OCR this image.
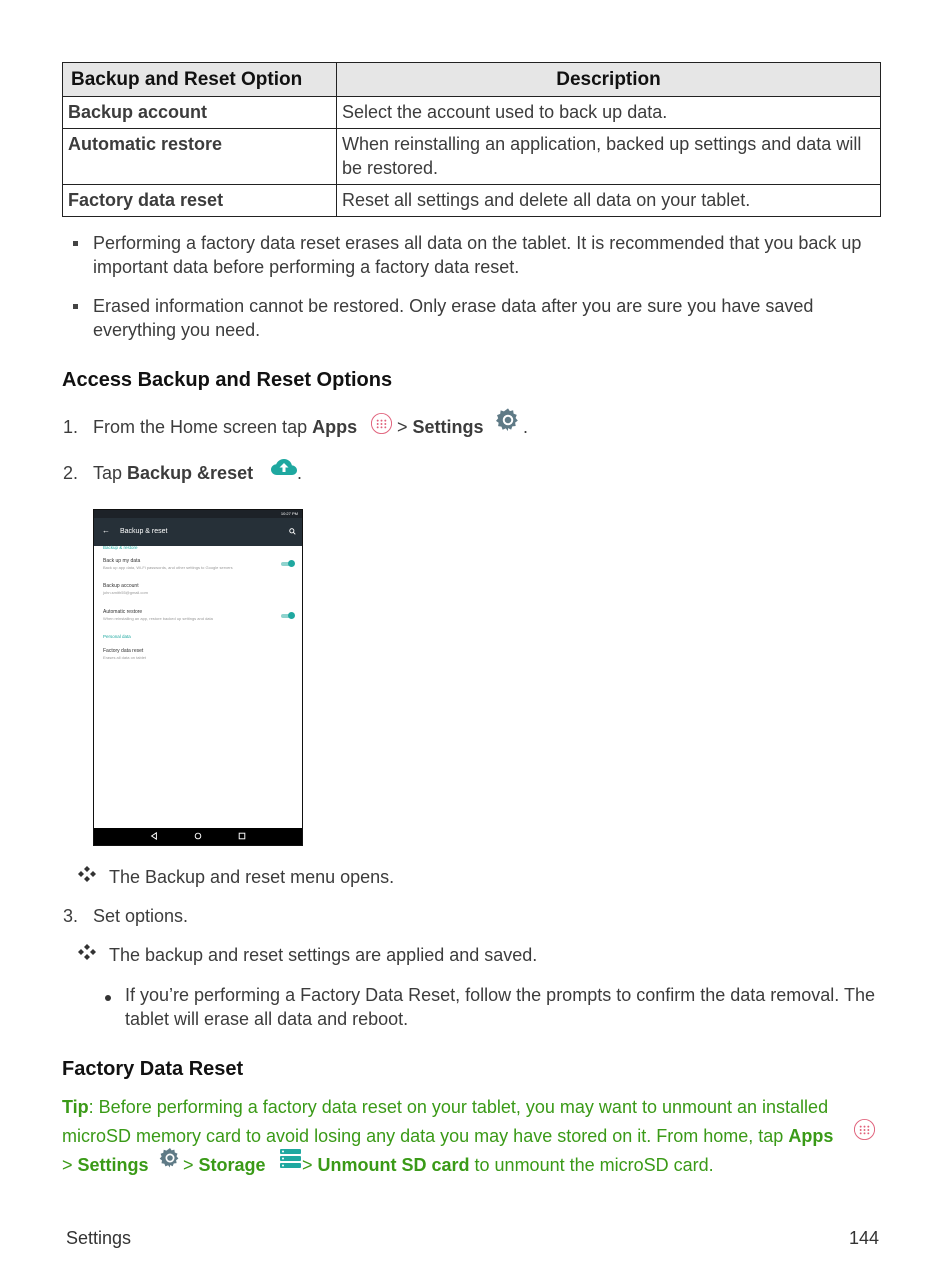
Backup and Reset Option	Description
Backup account	Select the account used to back up data.
Automatic restore	When reinstalling an application, backed up settings and data will be restored.
Factory data reset	Reset all settings and delete all data on your tablet.
Performing a factory data reset erases all data on the tablet. It is recommended that you back up important data before performing a factory data reset.
Erased information cannot be restored. Only erase data after you are sure you have saved everything you need.
Access Backup and Reset Options
1. From the Home screen tap Apps > Settings .
2. Tap Backup &reset .
10:27 PM
← Backup & reset
Backup & restore
Back up my data
Back up app data, Wi-Fi passwords, and other settings to Google servers
Backup account
john.smith55@gmail.com
Automatic restore
When reinstalling an app, restore backed up settings and data
Personal data
Factory data reset
Erases all data on tablet
The Backup and reset menu opens.
3. Set options.
The backup and reset settings are applied and saved.
If you’re performing a Factory Data Reset, follow the prompts to confirm the data removal. The tablet will erase all data and reboot.
Factory Data Reset
Tip: Before performing a factory data reset on your tablet, you may want to unmount an installed
microSD memory card to avoid losing any data you may have stored on it. From home, tap Apps
> Settings > Storage > Unmount SD card to unmount the microSD card.
Settings	144
